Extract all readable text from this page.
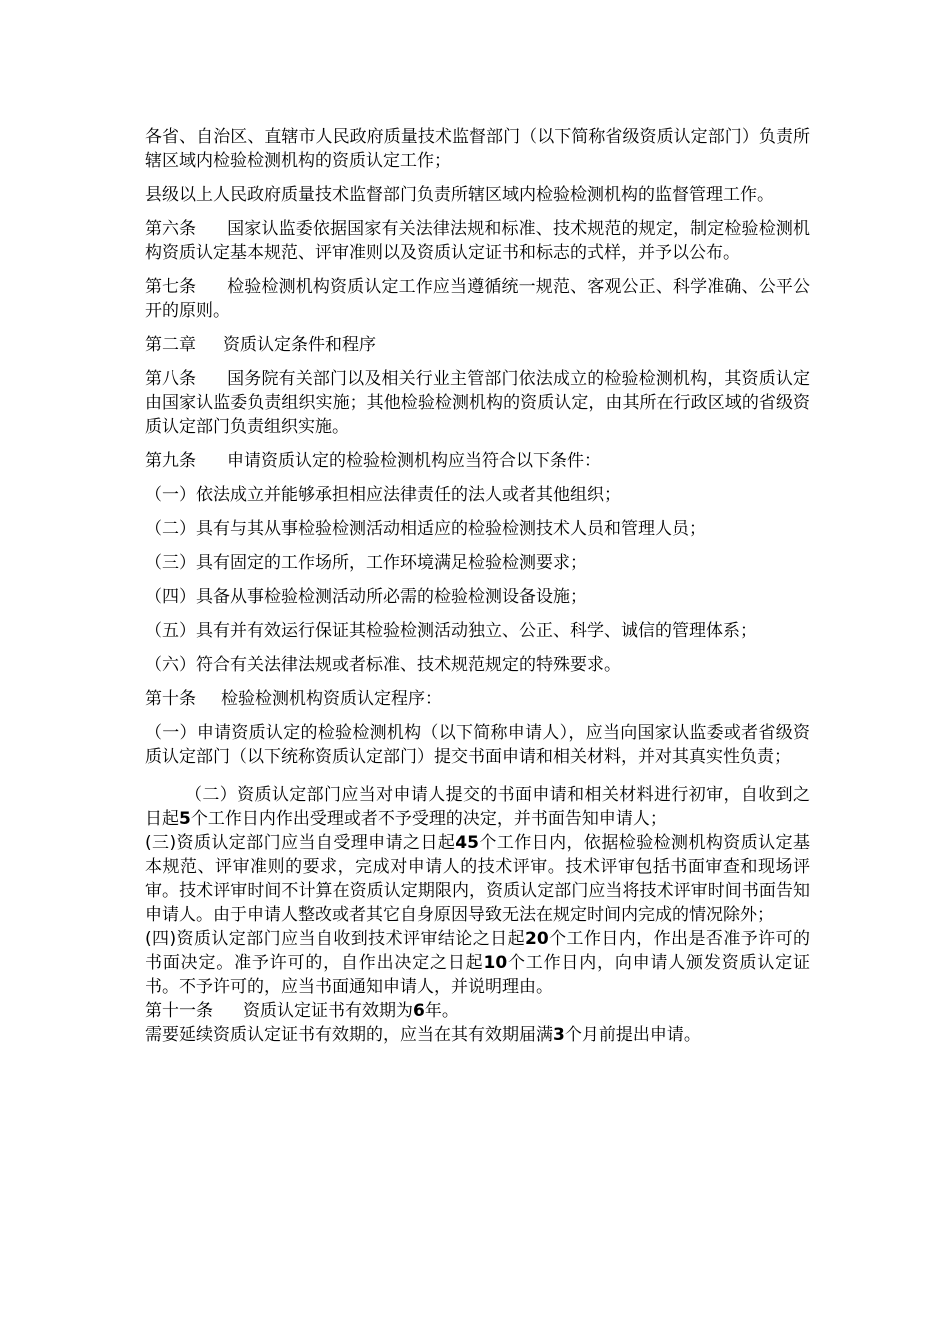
各省、自治区、直辖市人民政府质量技术监督部门（以下简称省级资质认定部门）负责所辖区域内检验检测机构的资质认定工作；

县级以上人民政府质量技术监督部门负责所辖区域内检验检测机构的监督管理工作。

第六条 国家认监委依据国家有关法律法规和标准、技术规范的规定，制定检验检测机构资质认定基本规范、评审准则以及资质认定证书和标志的式样，并予以公布。

第七条 检验检测机构资质认定工作应当遵循统一规范、客观公正、科学准确、公平公开的原则。

第二章 资质认定条件和程序

第八条 国务院有关部门以及相关行业主管部门依法成立的检验检测机构，其资质认定由国家认监委负责组织实施；其他检验检测机构的资质认定，由其所在行政区域的省级资质认定部门负责组织实施。

第九条 申请资质认定的检验检测机构应当符合以下条件：

（一）依法成立并能够承担相应法律责任的法人或者其他组织；

（二）具有与其从事检验检测活动相适应的检验检测技术人员和管理人员；

（三）具有固定的工作场所，工作环境满足检验检测要求；

（四）具备从事检验检测活动所必需的检验检测设备设施；

（五）具有并有效运行保证其检验检测活动独立、公正、科学、诚信的管理体系；

（六）符合有关法律法规或者标准、技术规范规定的特殊要求。

第十条 检验检测机构资质认定程序：

（一）申请资质认定的检验检测机构（以下简称申请人），应当向国家认监委或者省级资质认定部门（以下统称资质认定部门）提交书面申请和相关材料，并对其真实性负责；

（二）资质认定部门应当对申请人提交的书面申请和相关材料进行初审，自收到之日起5个工作日内作出受理或者不予受理的决定，并书面告知申请人；

(三)资质认定部门应当自受理申请之日起45个工作日内，依据检验检测机构资质认定基本规范、评审准则的要求，完成对申请人的技术评审。技术评审包括书面审查和现场评审。技术评审时间不计算在资质认定期限内，资质认定部门应当将技术评审时间书面告知申请人。由于申请人整改或者其它自身原因导致无法在规定时间内完成的情况除外；

(四)资质认定部门应当自收到技术评审结论之日起20个工作日内，作出是否准予许可的书面决定。准予许可的，自作出决定之日起10个工作日内，向申请人颁发资质认定证书。不予许可的，应当书面通知申请人，并说明理由。

第十一条 资质认定证书有效期为6年。

需要延续资质认定证书有效期的，应当在其有效期届满3个月前提出申请。
